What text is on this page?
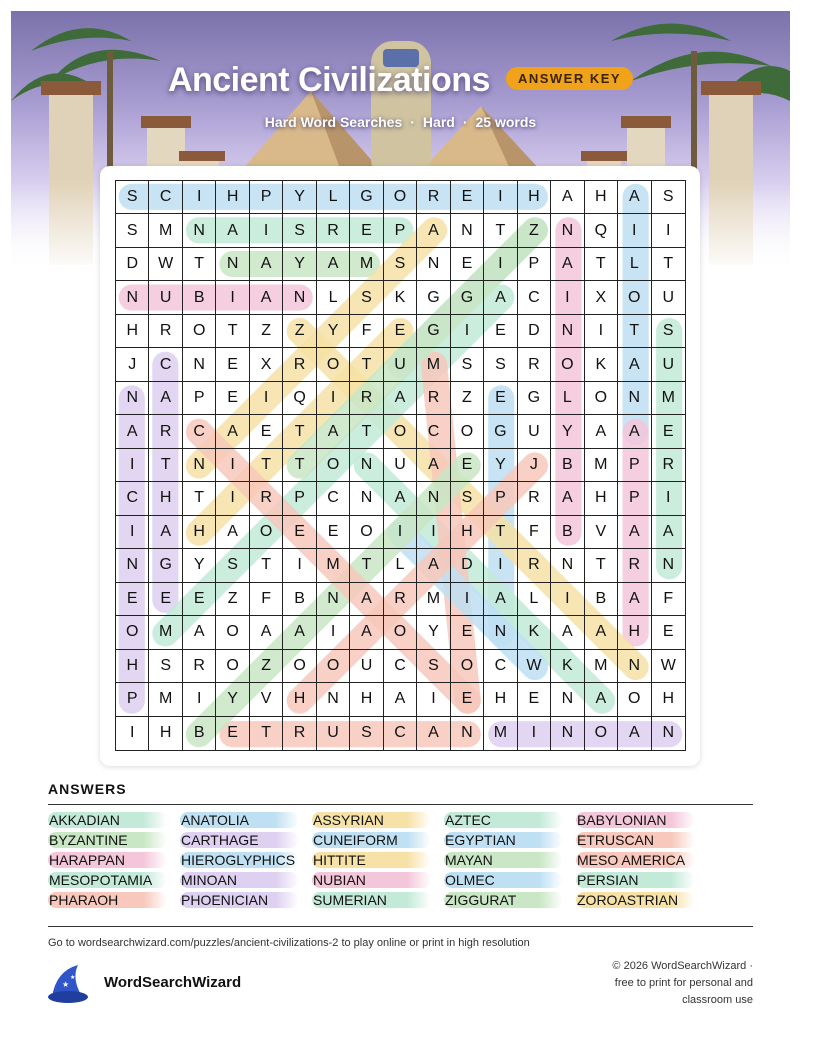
Ancient Civilizations ANSWER KEY
Hard Word Searches · Hard · 25 words
S	C	I	H	P	Y	L	G	O	R	E	I	H	A	H	A	S
S	M	N	A	I	S	R	E	P	A	N	T	Z	N	Q	I	I
D	W	T	N	A	Y	A	M	S	N	E	I	P	A	T	L	T
N	U	B	I	A	N	L	S	K	G	G	A	C	I	X	O	U
H	R	O	T	Z	Z	Y	F	E	G	I	E	D	N	I	T	S
J	C	N	E	X	R	O	T	U	M	S	S	R	O	K	A	U
N	A	P	E	I	Q	I	R	A	R	Z	E	G	L	O	N	M
A	R	C	A	E	T	A	T	O	C	O	G	U	Y	A	A	E
I	T	N	I	T	T	O	N	U	A	E	Y	J	B	M	P	R
C	H	T	I	R	P	C	N	A	N	S	P	R	A	H	P	I
I	A	H	A	O	E	E	O	I	I	H	T	F	B	V	A	A
N	G	Y	S	T	I	M	T	L	A	D	I	R	N	T	R	N
E	E	E	Z	F	B	N	A	R	M	I	A	L	I	B	A	F
O	M	A	O	A	A	I	A	O	Y	E	N	K	A	A	H	E
H	S	R	O	Z	O	O	U	C	S	O	C	W	K	M	N	W
P	M	I	Y	V	H	N	H	A	I	E	H	E	N	A	O	H
I	H	B	E	T	R	U	S	C	A	N	M	I	N	O	A	N
ANSWERS
AKKADIAN	ANATOLIA	ASSYRIAN	AZTEC	BABYLONIAN
BYZANTINE	CARTHAGE	CUNEIFORM	EGYPTIAN	ETRUSCAN
HARAPPAN	HIEROGLYPHICS HITTITE	MAYAN	MESO AMERICA
MESOPOTAMIA	MINOAN	NUBIAN	OLMEC	PERSIAN
PHARAOH	PHOENICIAN	SUMERIAN	ZIGGURAT	ZOROASTRIAN
Go to wordsearchwizard.com/puzzles/ancient-civilizations-2 to play online or print in high resolution
★
★ WordSearchWizard
© 2026 WordSearchWizard ·
free to print for personal and
classroom use
